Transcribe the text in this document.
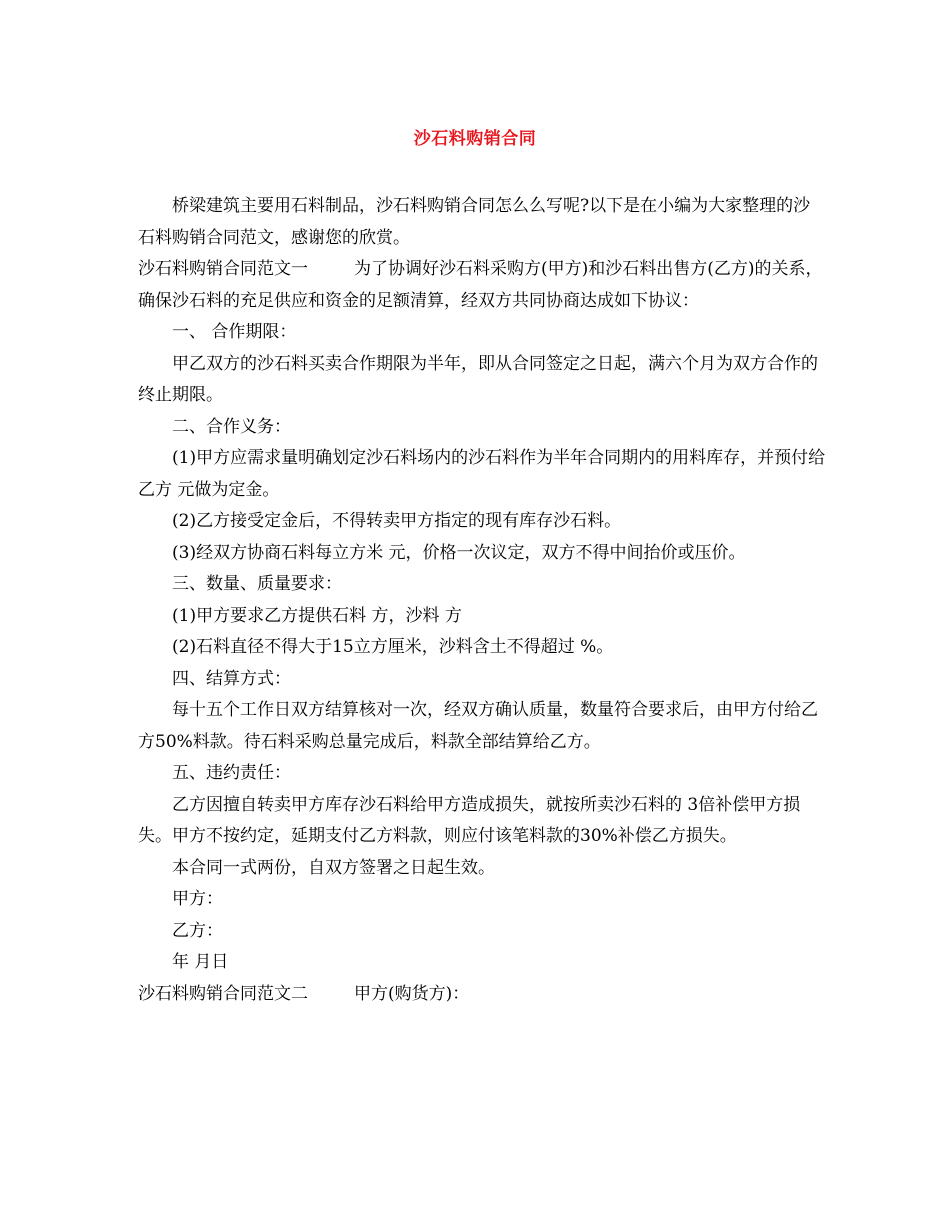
沙石料购销合同

桥梁建筑主要用石料制品，沙石料购销合同怎么么写呢?以下是在小编为大家整理的沙石料购销合同范文，感谢您的欣赏。

沙石料购销合同范文一	为了协调好沙石料采购方(甲方)和沙石料出售方(乙方)的关系，确保沙石料的充足供应和资金的足额清算，经双方共同协商达成如下协议：

一、 合作期限：

甲乙双方的沙石料买卖合作期限为半年，即从合同签定之日起，满六个月为双方合作的终止期限。

二、合作义务：

(1)甲方应需求量明确划定沙石料场内的沙石料作为半年合同期内的用料库存，并预付给乙方 元做为定金。

(2)乙方接受定金后，不得转卖甲方指定的现有库存沙石料。

(3)经双方协商石料每立方米 元，价格一次议定，双方不得中间抬价或压价。

三、数量、质量要求：

(1)甲方要求乙方提供石料 方，沙料 方

(2)石料直径不得大于15立方厘米，沙料含土不得超过 %。

四、结算方式：

每十五个工作日双方结算核对一次，经双方确认质量，数量符合要求后，由甲方付给乙方50%料款。待石料采购总量完成后，料款全部结算给乙方。

五、违约责任：

乙方因擅自转卖甲方库存沙石料给甲方造成损失，就按所卖沙石料的 3倍补偿甲方损失。甲方不按约定，延期支付乙方料款，则应付该笔料款的30%补偿乙方损失。

本合同一式两份，自双方签署之日起生效。

甲方：

乙方：

年 月日

沙石料购销合同范文二	甲方(购货方)：
